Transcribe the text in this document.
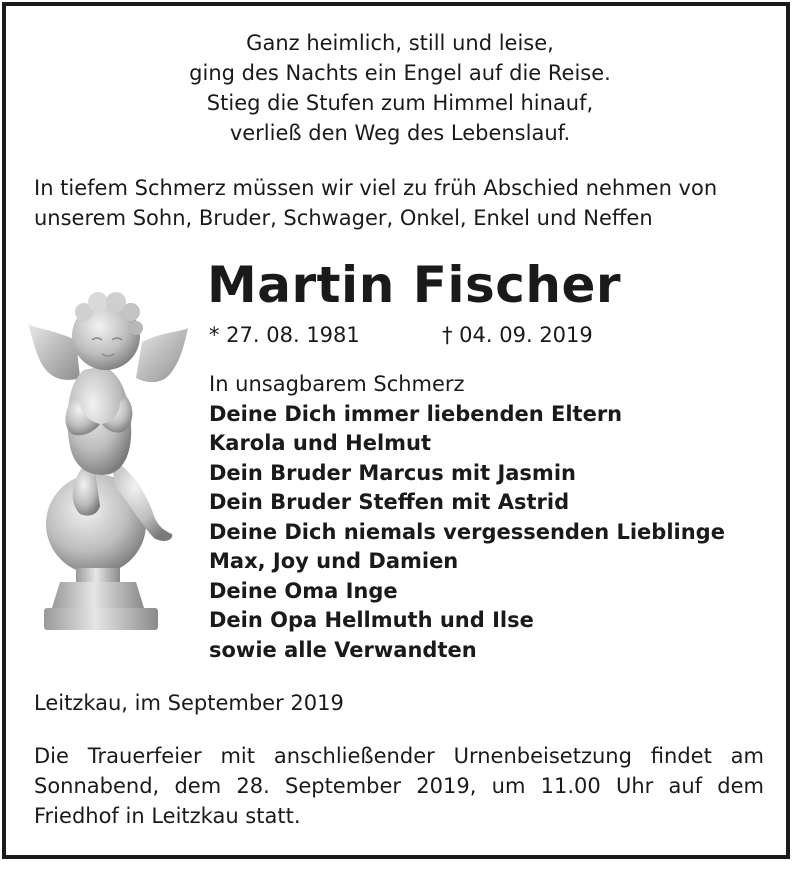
Ganz heimlich, still und leise,
ging des Nachts ein Engel auf die Reise.
Stieg die Stufen zum Himmel hinauf,
verließ den Weg des Lebenslauf.
In tiefem Schmerz müssen wir viel zu früh Abschied nehmen von
unserem Sohn, Bruder, Schwager, Onkel, Enkel und Neffen
Martin Fischer
* 27. 08. 1981	† 04. 09. 2019
In unsagbarem Schmerz
Deine Dich immer liebenden Eltern
Karola und Helmut
Dein Bruder Marcus mit Jasmin
Dein Bruder Steffen mit Astrid
Deine Dich niemals vergessenden Lieblinge
Max, Joy und Damien
Deine Oma Inge
Dein Opa Hellmuth und Ilse
sowie alle Verwandten
Leitzkau, im September 2019
Die Trauerfeier mit anschließender Urnenbeisetzung findet am Sonnabend, dem 28. September 2019, um 11.00 Uhr auf dem Friedhof in Leitzkau statt.
